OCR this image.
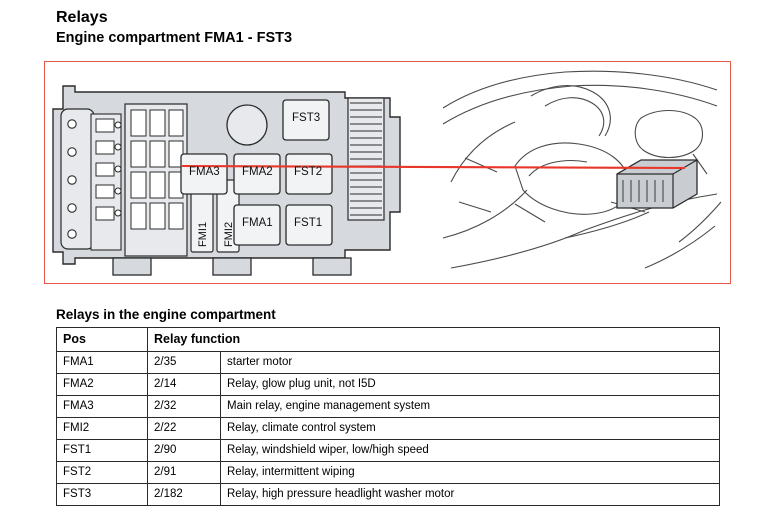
Relays
Engine compartment FMA1 - FST3
FST3
FMA3 FMA2 FST2
FMA1 FST1
FMI1 FMI2
Relays in the engine compartment
Pos	Relay function	
FMA1	2/35	starter motor
FMA2	2/14	Relay, glow plug unit, not I5D
FMA3	2/32	Main relay, engine management system
FMI2	2/22	Relay, climate control system
FST1	2/90	Relay, windshield wiper, low/high speed
FST2	2/91	Relay, intermittent wiping
FST3	2/182	Relay, high pressure headlight washer motor
